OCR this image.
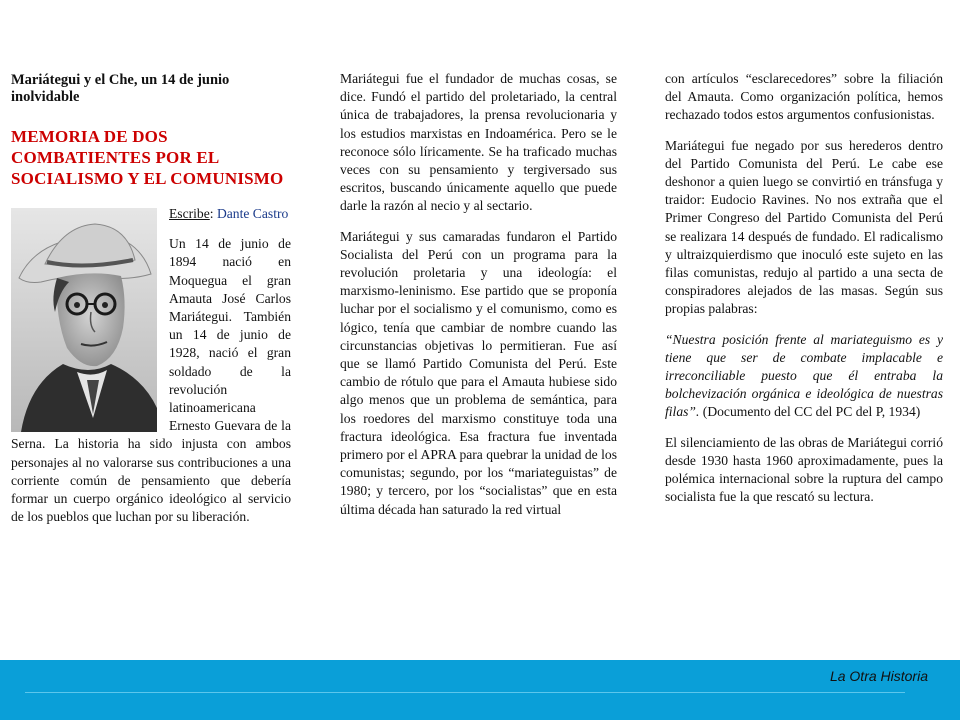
Mariátegui y el Che, un 14 de junio inolvidable
MEMORIA DE DOS COMBATIENTES POR EL SOCIALISMO Y EL COMUNISMO

Escribe: Dante Castro

Un 14 de junio de 1894 nació en Moquegua el gran Amauta José Carlos Mariátegui. También un 14 de junio de 1928, nació el gran soldado de la revolución latinoamericana Ernesto Guevara de la Serna. La historia ha sido injusta con ambos personajes al no valorarse sus contribuciones a una corriente común de pensamiento que debería formar un cuerpo orgánico ideológico al servicio de los pueblos que luchan por su liberación.

Mariátegui fue el fundador de muchas cosas, se dice. Fundó el partido del proletariado, la central única de trabajadores, la prensa revolucionaria y los estudios marxistas en Indoamérica. Pero se le reconoce sólo líricamente. Se ha traficado muchas veces con su pensamiento y tergiversado sus escritos, buscando únicamente aquello que puede darle la razón al necio y al sectario.

Mariátegui y sus camaradas fundaron el Partido Socialista del Perú con un programa para la revolución proletaria y una ideología: el marxismo-leninismo. Ese partido que se proponía luchar por el socialismo y el comunismo, como es lógico, tenía que cambiar de nombre cuando las circunstancias objetivas lo permitieran. Fue así que se llamó Partido Comunista del Perú. Este cambio de rótulo que para el Amauta hubiese sido algo menos que un problema de semántica, para los roedores del marxismo constituye toda una fractura ideológica. Esa fractura fue inventada primero por el APRA para quebrar la unidad de los comunistas; segundo, por los “mariateguistas” de 1980; y tercero, por los “socialistas” que en esta última década han saturado la red virtual

con artículos “esclarecedores” sobre la filiación del Amauta. Como organización política, hemos rechazado todos estos argumentos confusionistas.

Mariátegui fue negado por sus herederos dentro del Partido Comunista del Perú. Le cabe ese deshonor a quien luego se convirtió en tránsfuga y traidor: Eudocio Ravines. No nos extraña que el Primer Congreso del Partido Comunista del Perú se realizara 14 después de fundado. El radicalismo y ultraizquierdismo que inoculó este sujeto en las filas comunistas, redujo al partido a una secta de conspiradores alejados de las masas. Según sus propias palabras:

“Nuestra posición frente al mariateguismo es y tiene que ser de combate implacable e irreconciliable puesto que él entraba la bolchevización orgánica e ideológica de nuestras filas”. (Documento del CC del PC del P, 1934)

El silenciamiento de las obras de Mariátegui corrió desde 1930 hasta 1960 aproximadamente, pues la polémica internacional sobre la ruptura del campo socialista fue la que rescató su lectura.

La Otra Historia
